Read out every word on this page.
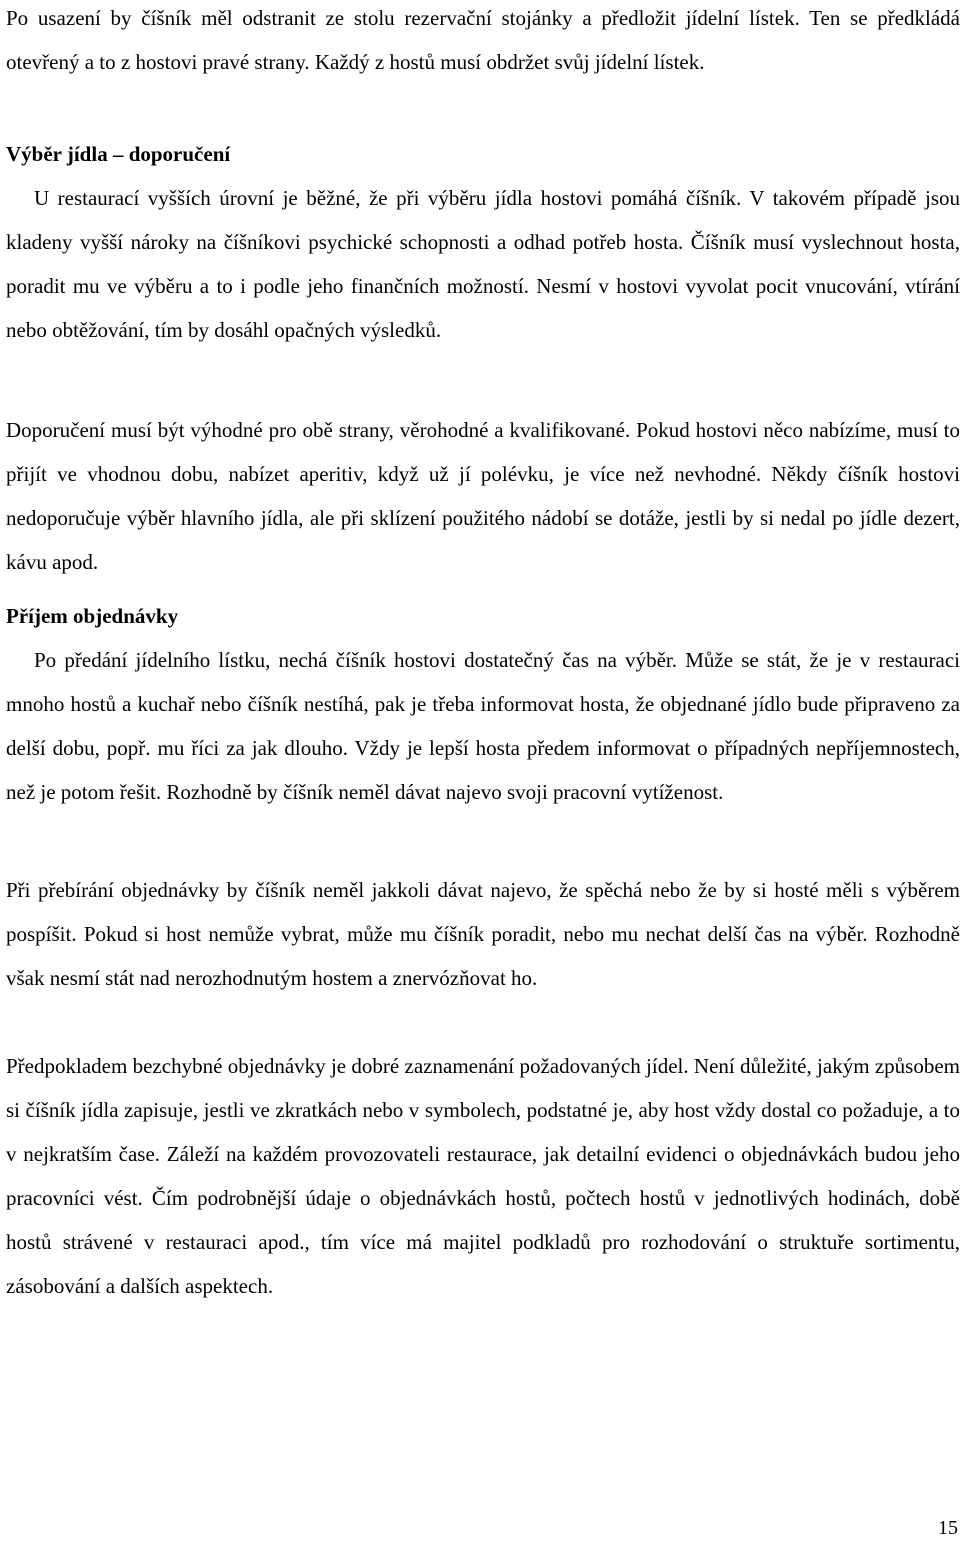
Po usazení by číšník měl odstranit ze stolu rezervační stojánky a předložit jídelní lístek. Ten se předkládá otevřený a to z hostovi pravé strany. Každý z hostů musí obdržet svůj jídelní lístek.

Výběr jídla – doporučení

U restaurací vyšších úrovní je běžné, že při výběru jídla hostovi pomáhá číšník. V takovém případě jsou kladeny vyšší nároky na číšníkovi psychické schopnosti a odhad potřeb hosta. Číšník musí vyslechnout hosta, poradit mu ve výběru a to i podle jeho finančních možností. Nesmí v hostovi vyvolat pocit vnucování, vtírání nebo obtěžování, tím by dosáhl opačných výsledků.

Doporučení musí být výhodné pro obě strany, věrohodné a kvalifikované. Pokud hostovi něco nabízíme, musí to přijít ve vhodnou dobu, nabízet aperitiv, když už jí polévku, je více než nevhodné. Někdy číšník hostovi nedoporučuje výběr hlavního jídla, ale při sklízení použitého nádobí se dotáže, jestli by si nedal po jídle dezert, kávu apod.

Příjem objednávky

Po předání jídelního lístku, nechá číšník hostovi dostatečný čas na výběr. Může se stát, že je v restauraci mnoho hostů a kuchař nebo číšník nestíhá, pak je třeba informovat hosta, že objednané jídlo bude připraveno za delší dobu, popř. mu říci za jak dlouho. Vždy je lepší hosta předem informovat o případných nepříjemnostech, než je potom řešit. Rozhodně by číšník neměl dávat najevo svoji pracovní vytíženost.

Při přebírání objednávky by číšník neměl jakkoli dávat najevo, že spěchá nebo že by si hosté měli s výběrem pospíšit. Pokud si host nemůže vybrat, může mu číšník poradit, nebo mu nechat delší čas na výběr. Rozhodně však nesmí stát nad nerozhodnutým hostem a znervózňovat ho.

Předpokladem bezchybné objednávky je dobré zaznamenání požadovaných jídel. Není důležité, jakým způsobem si číšník jídla zapisuje, jestli ve zkratkách nebo v symbolech, podstatné je, aby host vždy dostal co požaduje, a to v nejkratším čase. Záleží na každém provozovateli restaurace, jak detailní evidenci o objednávkách budou jeho pracovníci vést. Čím podrobnější údaje o objednávkách hostů, počtech hostů v jednotlivých hodinách, době hostů strávené v restauraci apod., tím více má majitel podkladů pro rozhodování o struktuře sortimentu, zásobování a dalších aspektech.

15
